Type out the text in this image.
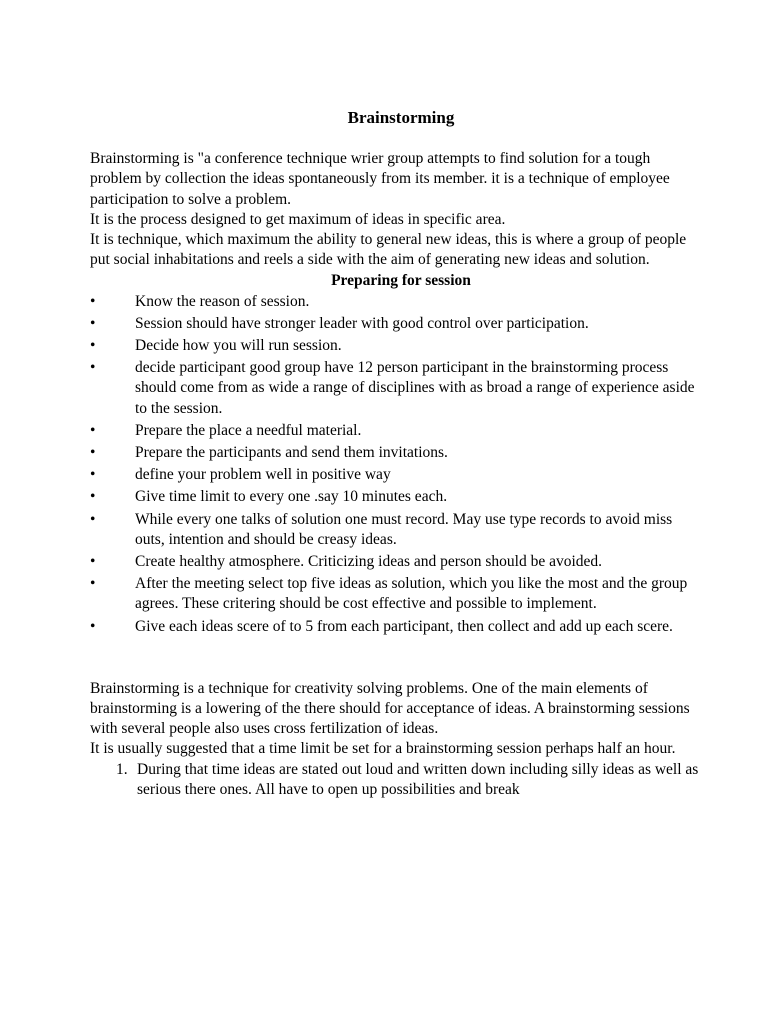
Brainstorming

Brainstorming is "a conference technique wrier group attempts to find solution for a tough problem by collection the ideas spontaneously from its member. it is a technique of employee participation to solve a problem.

It is the process designed to get maximum of ideas in specific area.

It is technique, which maximum the ability to general new ideas, this is where a group of people put social inhabitations and reels a side with the aim of generating new ideas and solution.

Preparing for session
•	Know the reason of session.
•	Session should have stronger leader with good control over participation.
•	Decide how you will run session.
•	decide participant good group have 12 person participant in the brainstorming process should come from as wide a range of disciplines with as broad a range of experience aside to the session.
•	Prepare the place a needful material.
•	Prepare the participants and send them invitations.
•	define your problem well in positive way
•	Give time limit to every one .say 10 minutes each.
•	While every one talks of solution one must record. May use type records to avoid miss outs, intention and should be creasy ideas.
•	Create healthy atmosphere. Criticizing ideas and person should be avoided.
•	After the meeting select top five ideas as solution, which you like the most and the group agrees. These critering should be cost effective and possible to implement.
•	Give each ideas scere of to 5 from each participant, then collect and add up each scere.

Brainstorming is a technique for creativity solving problems. One of the main elements of brainstorming is a lowering of the there should for acceptance of ideas. A brainstorming sessions with several people also uses cross fertilization of ideas.

It is usually suggested that a time limit be set for a brainstorming session perhaps half an hour.

1. During that time ideas are stated out loud and written down including silly ideas as well as serious there ones. All have to open up possibilities and break
